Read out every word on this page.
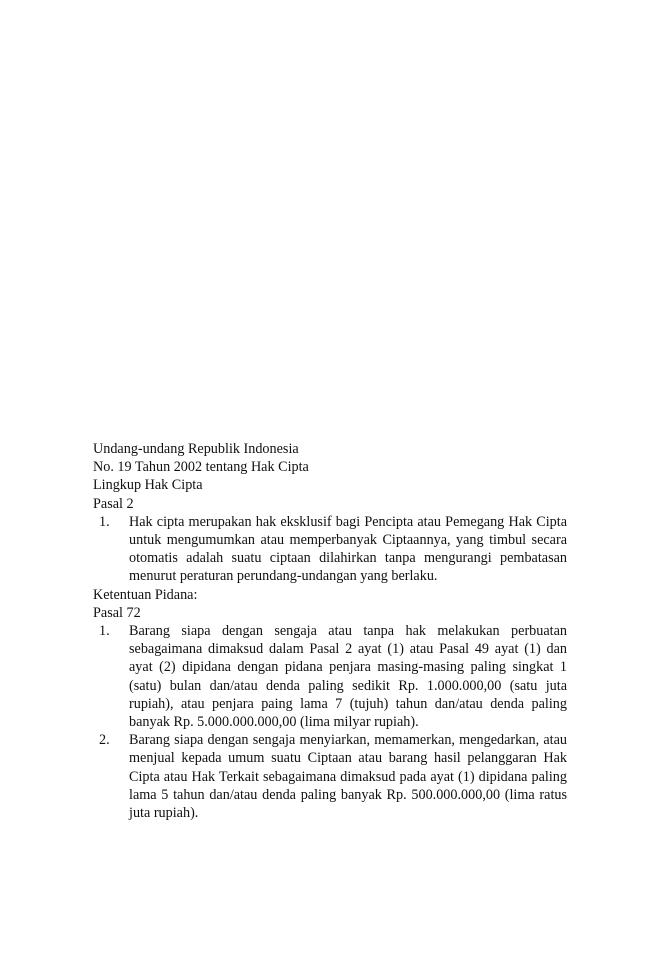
Undang-undang Republik Indonesia

No. 19 Tahun 2002 tentang Hak Cipta

Lingkup Hak Cipta

Pasal 2

1. Hak cipta merupakan hak eksklusif bagi Pencipta atau Pemegang Hak Cipta untuk mengumumkan atau memperbanyak Ciptaannya, yang timbul secara otomatis adalah suatu ciptaan dilahirkan tanpa mengurangi pembatasan menurut peraturan perundang-undangan yang berlaku.

Ketentuan Pidana:

Pasal 72

1. Barang siapa dengan sengaja atau tanpa hak melakukan perbuatan sebagaimana dimaksud dalam Pasal 2 ayat (1) atau Pasal 49 ayat (1) dan ayat (2) dipidana dengan pidana penjara masing-masing paling singkat 1 (satu) bulan dan/atau denda paling sedikit Rp. 1.000.000,00 (satu juta rupiah), atau penjara paing lama 7 (tujuh) tahun dan/atau denda paling banyak Rp. 5.000.000.000,00 (lima milyar rupiah).
2. Barang siapa dengan sengaja menyiarkan, memamerkan, mengedarkan, atau menjual kepada umum suatu Ciptaan atau barang hasil pelanggaran Hak Cipta atau Hak Terkait sebagaimana dimaksud pada ayat (1) dipidana paling lama 5 tahun dan/atau denda paling banyak Rp. 500.000.000,00 (lima ratus juta rupiah).
